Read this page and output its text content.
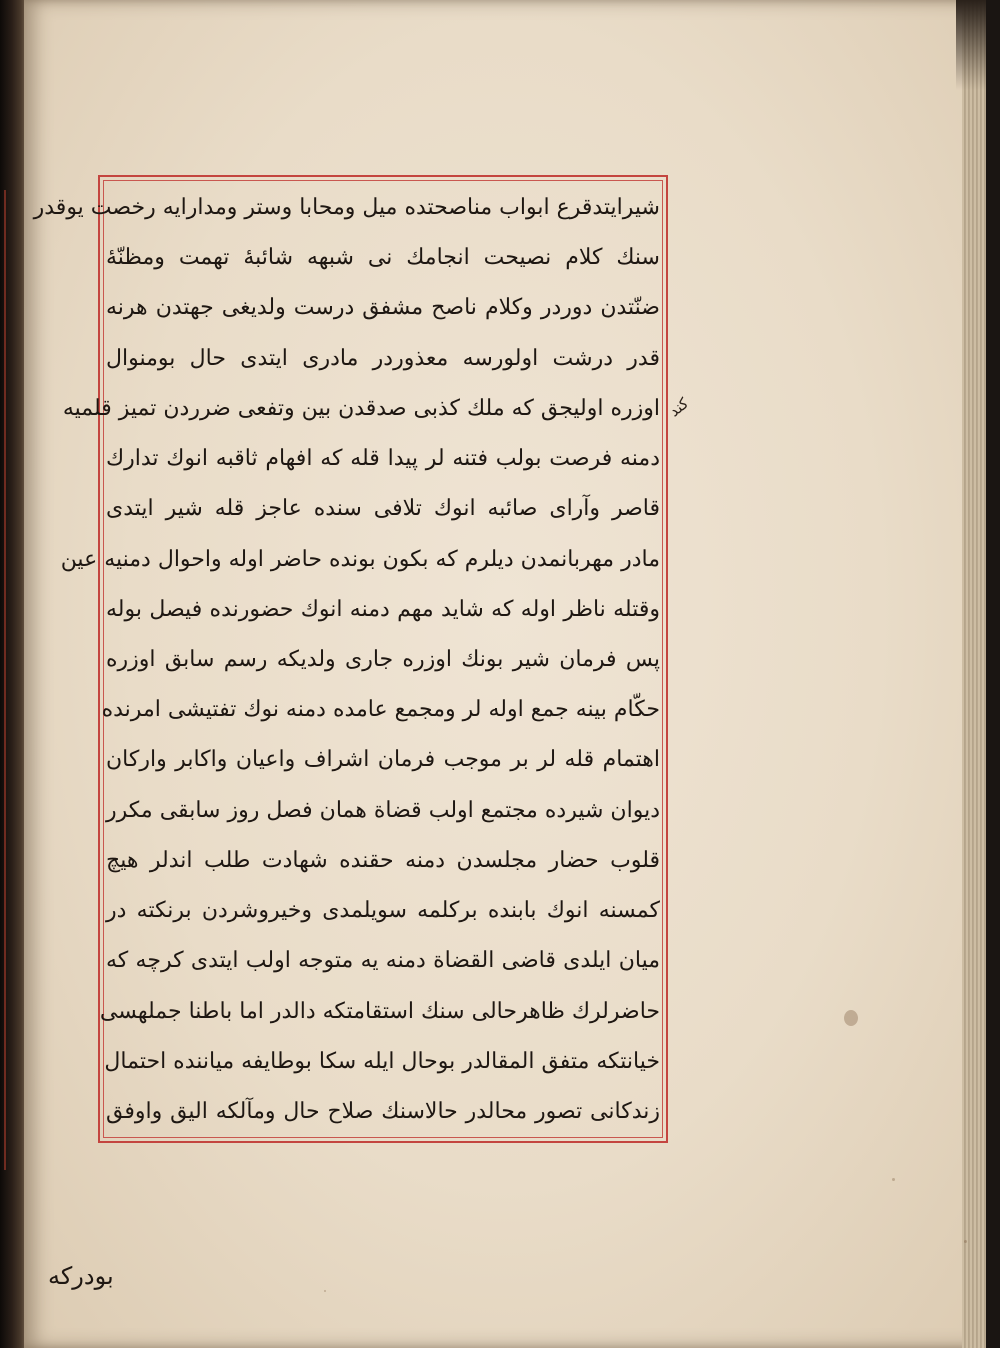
شیرایتدقرع ابواب مناصحتده میل ومحابا وستر ومدارایه رخصت یوقدر
سنك كلام نصیحت انجامك نی شبهه شائبهٔ تهمت ومظنّهٔ
ضنّتدن دوردر وكلام ناصح مشفق درست ولدیغی جهتدن هرنه
قدر درشت اولورسه معذوردر مادری ایتدی حال بومنوال
اوزره اولیجق كه ملك كذبی صدقدن بین وتفعی ضرردن تمیز قلمیه
دمنه فرصت بولب فتنه لر پیدا قله كه افهام ثاقبه انوك تدارك
قاصر وآرای صائبه انوك تلافی سنده عاجز قله شیر ایتدی
مادر مهربانمدن دیلرم كه بكون بونده حاضر اوله واحوال دمنیه عین
وقتله ناظر اوله كه شاید مهم دمنه انوك حضورنده فیصل بوله
پس فرمان شیر بونك اوزره جاری ولدیكه رسم سابق اوزره
حكّام بینه جمع اوله لر ومجمع عامده دمنه نوك تفتیشی امرنده
اهتمام قله لر بر موجب فرمان اشراف واعیان واكابر واركان
دیوان شیرده مجتمع اولب قضاة همان فصل روز سابقی مكرر
قلوب حضار مجلسدن دمنه حقنده شهادت طلب اندلر هیچ
كمسنه انوك بابنده بركلمه سویلمدی وخیروشردن برنكته در
میان ایلدی قاضی القضاة دمنه یه متوجه اولب ایتدی كرچه كه
حاضرلرك ظاهرحالی سنك استقامتكه دالدر اما باطنا جملهسی
خیانتكه متفق المقالدر بوحال ایله سكا بوطایفه میاننده احتمال
زندكانی تصور محالدر حالاسنك صلاح حال ومآلكه الیق واوفق
كند
بودركه
